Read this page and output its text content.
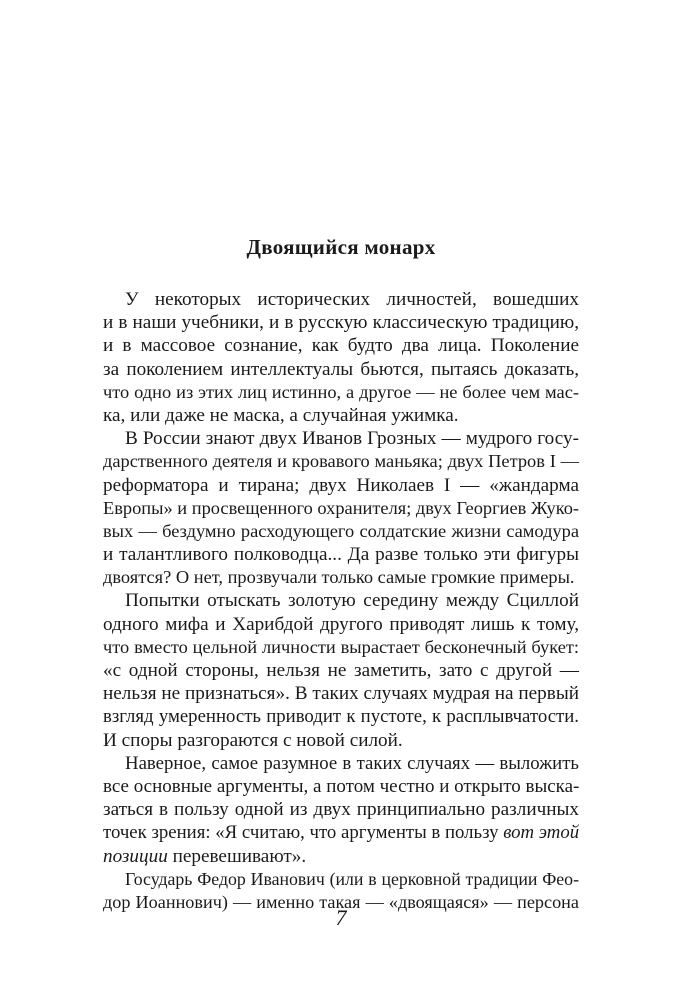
Двоящийся монарх
У некоторых исторических личностей, вошедших
и в наши учебники, и в русскую классическую традицию,
и в массовое сознание, как будто два лица. Поколение
за поколением интеллектуалы бьются, пытаясь доказать,
что одно из этих лиц истинно, а другое — не более чем мас-
ка, или даже не маска, а случайная ужимка.
В России знают двух Иванов Грозных — мудрого госу-
дарственного деятеля и кровавого маньяка; двух Петров I —
реформатора и тирана; двух Николаев I — «жандарма
Европы» и просвещенного охранителя; двух Георгиев Жуко-
вых — бездумно расходующего солдатские жизни самодура
и талантливого полководца... Да разве только эти фигуры
двоятся? О нет, прозвучали только самые громкие примеры.
Попытки отыскать золотую середину между Сциллой
одного мифа и Харибдой другого приводят лишь к тому,
что вместо цельной личности вырастает бесконечный букет:
«с одной стороны, нельзя не заметить, зато с другой —
нельзя не признаться». В таких случаях мудрая на первый
взгляд умеренность приводит к пустоте, к расплывчатости.
И споры разгораются с новой силой.
Наверное, самое разумное в таких случаях — выложить
все основные аргументы, а потом честно и открыто выска-
заться в пользу одной из двух принципиально различных
точек зрения: «Я считаю, что аргументы в пользу вот этой
позиции перевешивают».
Государь Федор Иванович (или в церковной традиции Фео-
дор Иоаннович) — именно такая — «двоящаяся» — персона
7
